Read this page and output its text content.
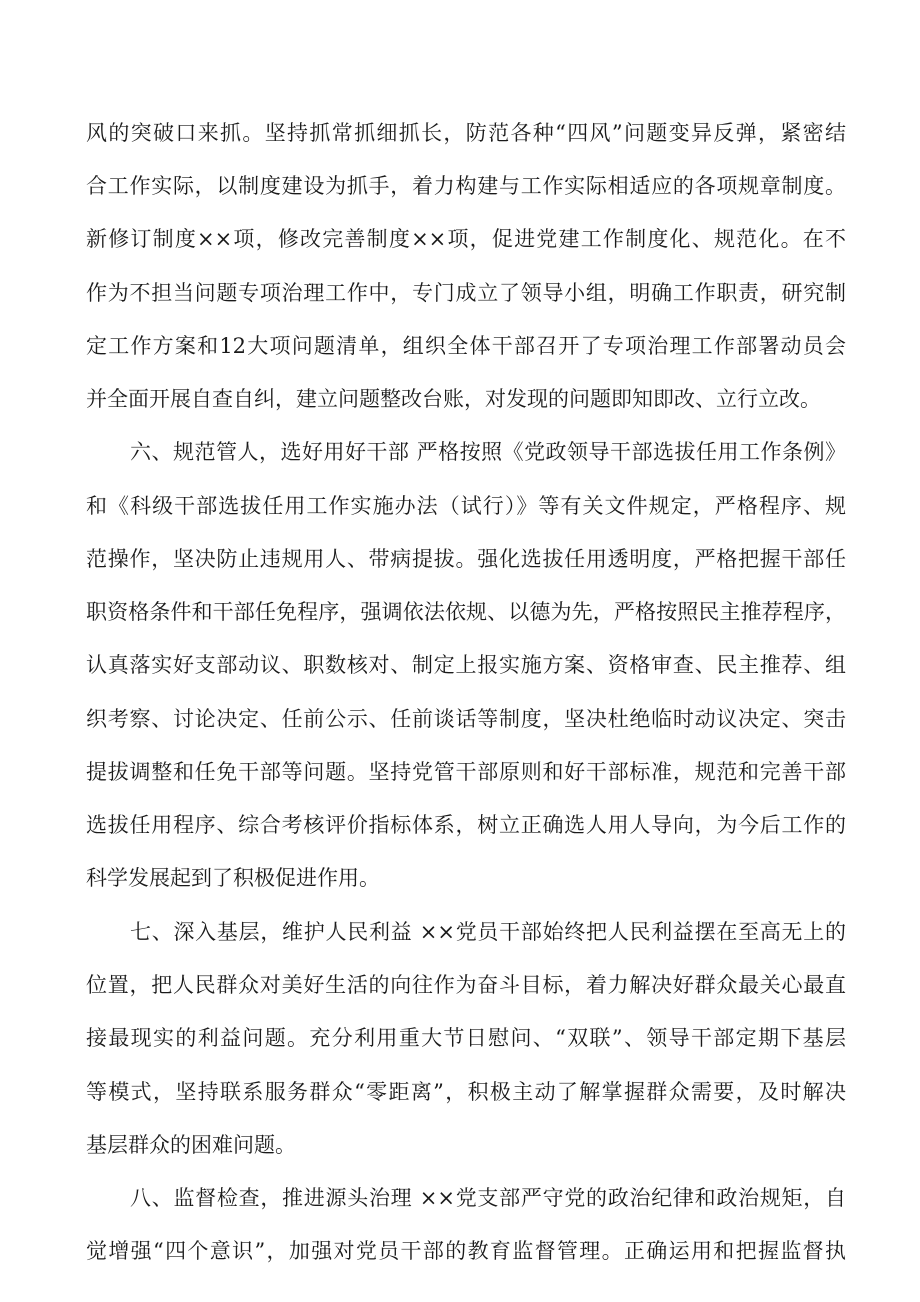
风的突破口来抓。坚持抓常抓细抓长，防范各种“四风”问题变异反弹，紧密结
合工作实际，以制度建设为抓手，着力构建与工作实际相适应的各项规章制度。
新修订制度××项，修改完善制度××项，促进党建工作制度化、规范化。在不
作为不担当问题专项治理工作中，专门成立了领导小组，明确工作职责，研究制
定工作方案和12大项问题清单，组织全体干部召开了专项治理工作部署动员会
并全面开展自查自纠，建立问题整改台账，对发现的问题即知即改、立行立改。
六、规范管人，选好用好干部 严格按照《党政领导干部选拔任用工作条例》
和《科级干部选拔任用工作实施办法（试行）》等有关文件规定，严格程序、规
范操作，坚决防止违规用人、带病提拔。强化选拔任用透明度，严格把握干部任
职资格条件和干部任免程序，强调依法依规、以德为先，严格按照民主推荐程序，
认真落实好支部动议、职数核对、制定上报实施方案、资格审查、民主推荐、组
织考察、讨论决定、任前公示、任前谈话等制度，坚决杜绝临时动议决定、突击
提拔调整和任免干部等问题。坚持党管干部原则和好干部标准，规范和完善干部
选拔任用程序、综合考核评价指标体系，树立正确选人用人导向，为今后工作的
科学发展起到了积极促进作用。
七、深入基层，维护人民利益 ××党员干部始终把人民利益摆在至高无上的
位置，把人民群众对美好生活的向往作为奋斗目标，着力解决好群众最关心最直
接最现实的利益问题。充分利用重大节日慰问、“双联”、领导干部定期下基层
等模式，坚持联系服务群众“零距离”，积极主动了解掌握群众需要，及时解决
基层群众的困难问题。
八、监督检查，推进源头治理 ××党支部严守党的政治纪律和政治规矩，自
觉增强“四个意识”，加强对党员干部的教育监督管理。正确运用和把握监督执
